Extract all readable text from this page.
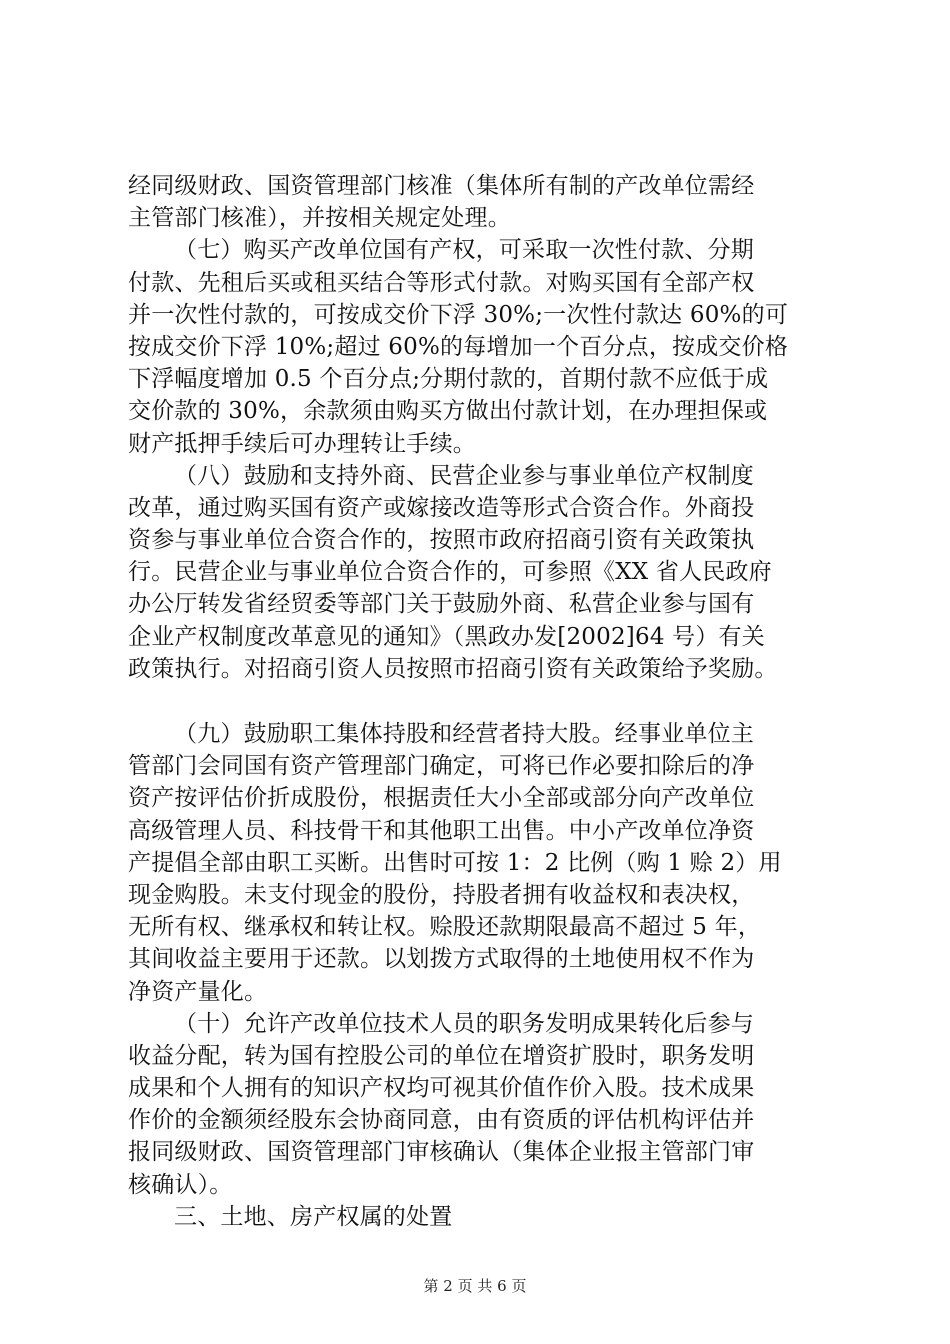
经同级财政、国资管理部门核准（集体所有制的产改单位需经
主管部门核准），并按相关规定处理。
（七）购买产改单位国有产权，可采取一次性付款、分期
付款、先租后买或租买结合等形式付款。对购买国有全部产权
并一次性付款的，可按成交价下浮 30%;一次性付款达 60%的可
按成交价下浮 10%;超过 60%的每增加一个百分点，按成交价格
下浮幅度增加 0.5 个百分点;分期付款的，首期付款不应低于成
交价款的 30%，余款须由购买方做出付款计划，在办理担保或
财产抵押手续后可办理转让手续。
（八）鼓励和支持外商、民营企业参与事业单位产权制度
改革，通过购买国有资产或嫁接改造等形式合资合作。外商投
资参与事业单位合资合作的，按照市政府招商引资有关政策执
行。民营企业与事业单位合资合作的，可参照《XX 省人民政府
办公厅转发省经贸委等部门关于鼓励外商、私营企业参与国有
企业产权制度改革意见的通知》（黑政办发[2002]64 号）有关
政策执行。对招商引资人员按照市招商引资有关政策给予奖励。
（九）鼓励职工集体持股和经营者持大股。经事业单位主
管部门会同国有资产管理部门确定，可将已作必要扣除后的净
资产按评估价折成股份，根据责任大小全部或部分向产改单位
高级管理人员、科技骨干和其他职工出售。中小产改单位净资
产提倡全部由职工买断。出售时可按 1：2 比例（购 1 赊 2）用
现金购股。未支付现金的股份，持股者拥有收益权和表决权，
无所有权、继承权和转让权。赊股还款期限最高不超过 5 年，
其间收益主要用于还款。以划拨方式取得的土地使用权不作为
净资产量化。
（十）允许产改单位技术人员的职务发明成果转化后参与
收益分配，转为国有控股公司的单位在增资扩股时，职务发明
成果和个人拥有的知识产权均可视其价值作价入股。技术成果
作价的金额须经股东会协商同意，由有资质的评估机构评估并
报同级财政、国资管理部门审核确认（集体企业报主管部门审
核确认）。
三、土地、房产权属的处置
第 2 页 共 6 页
